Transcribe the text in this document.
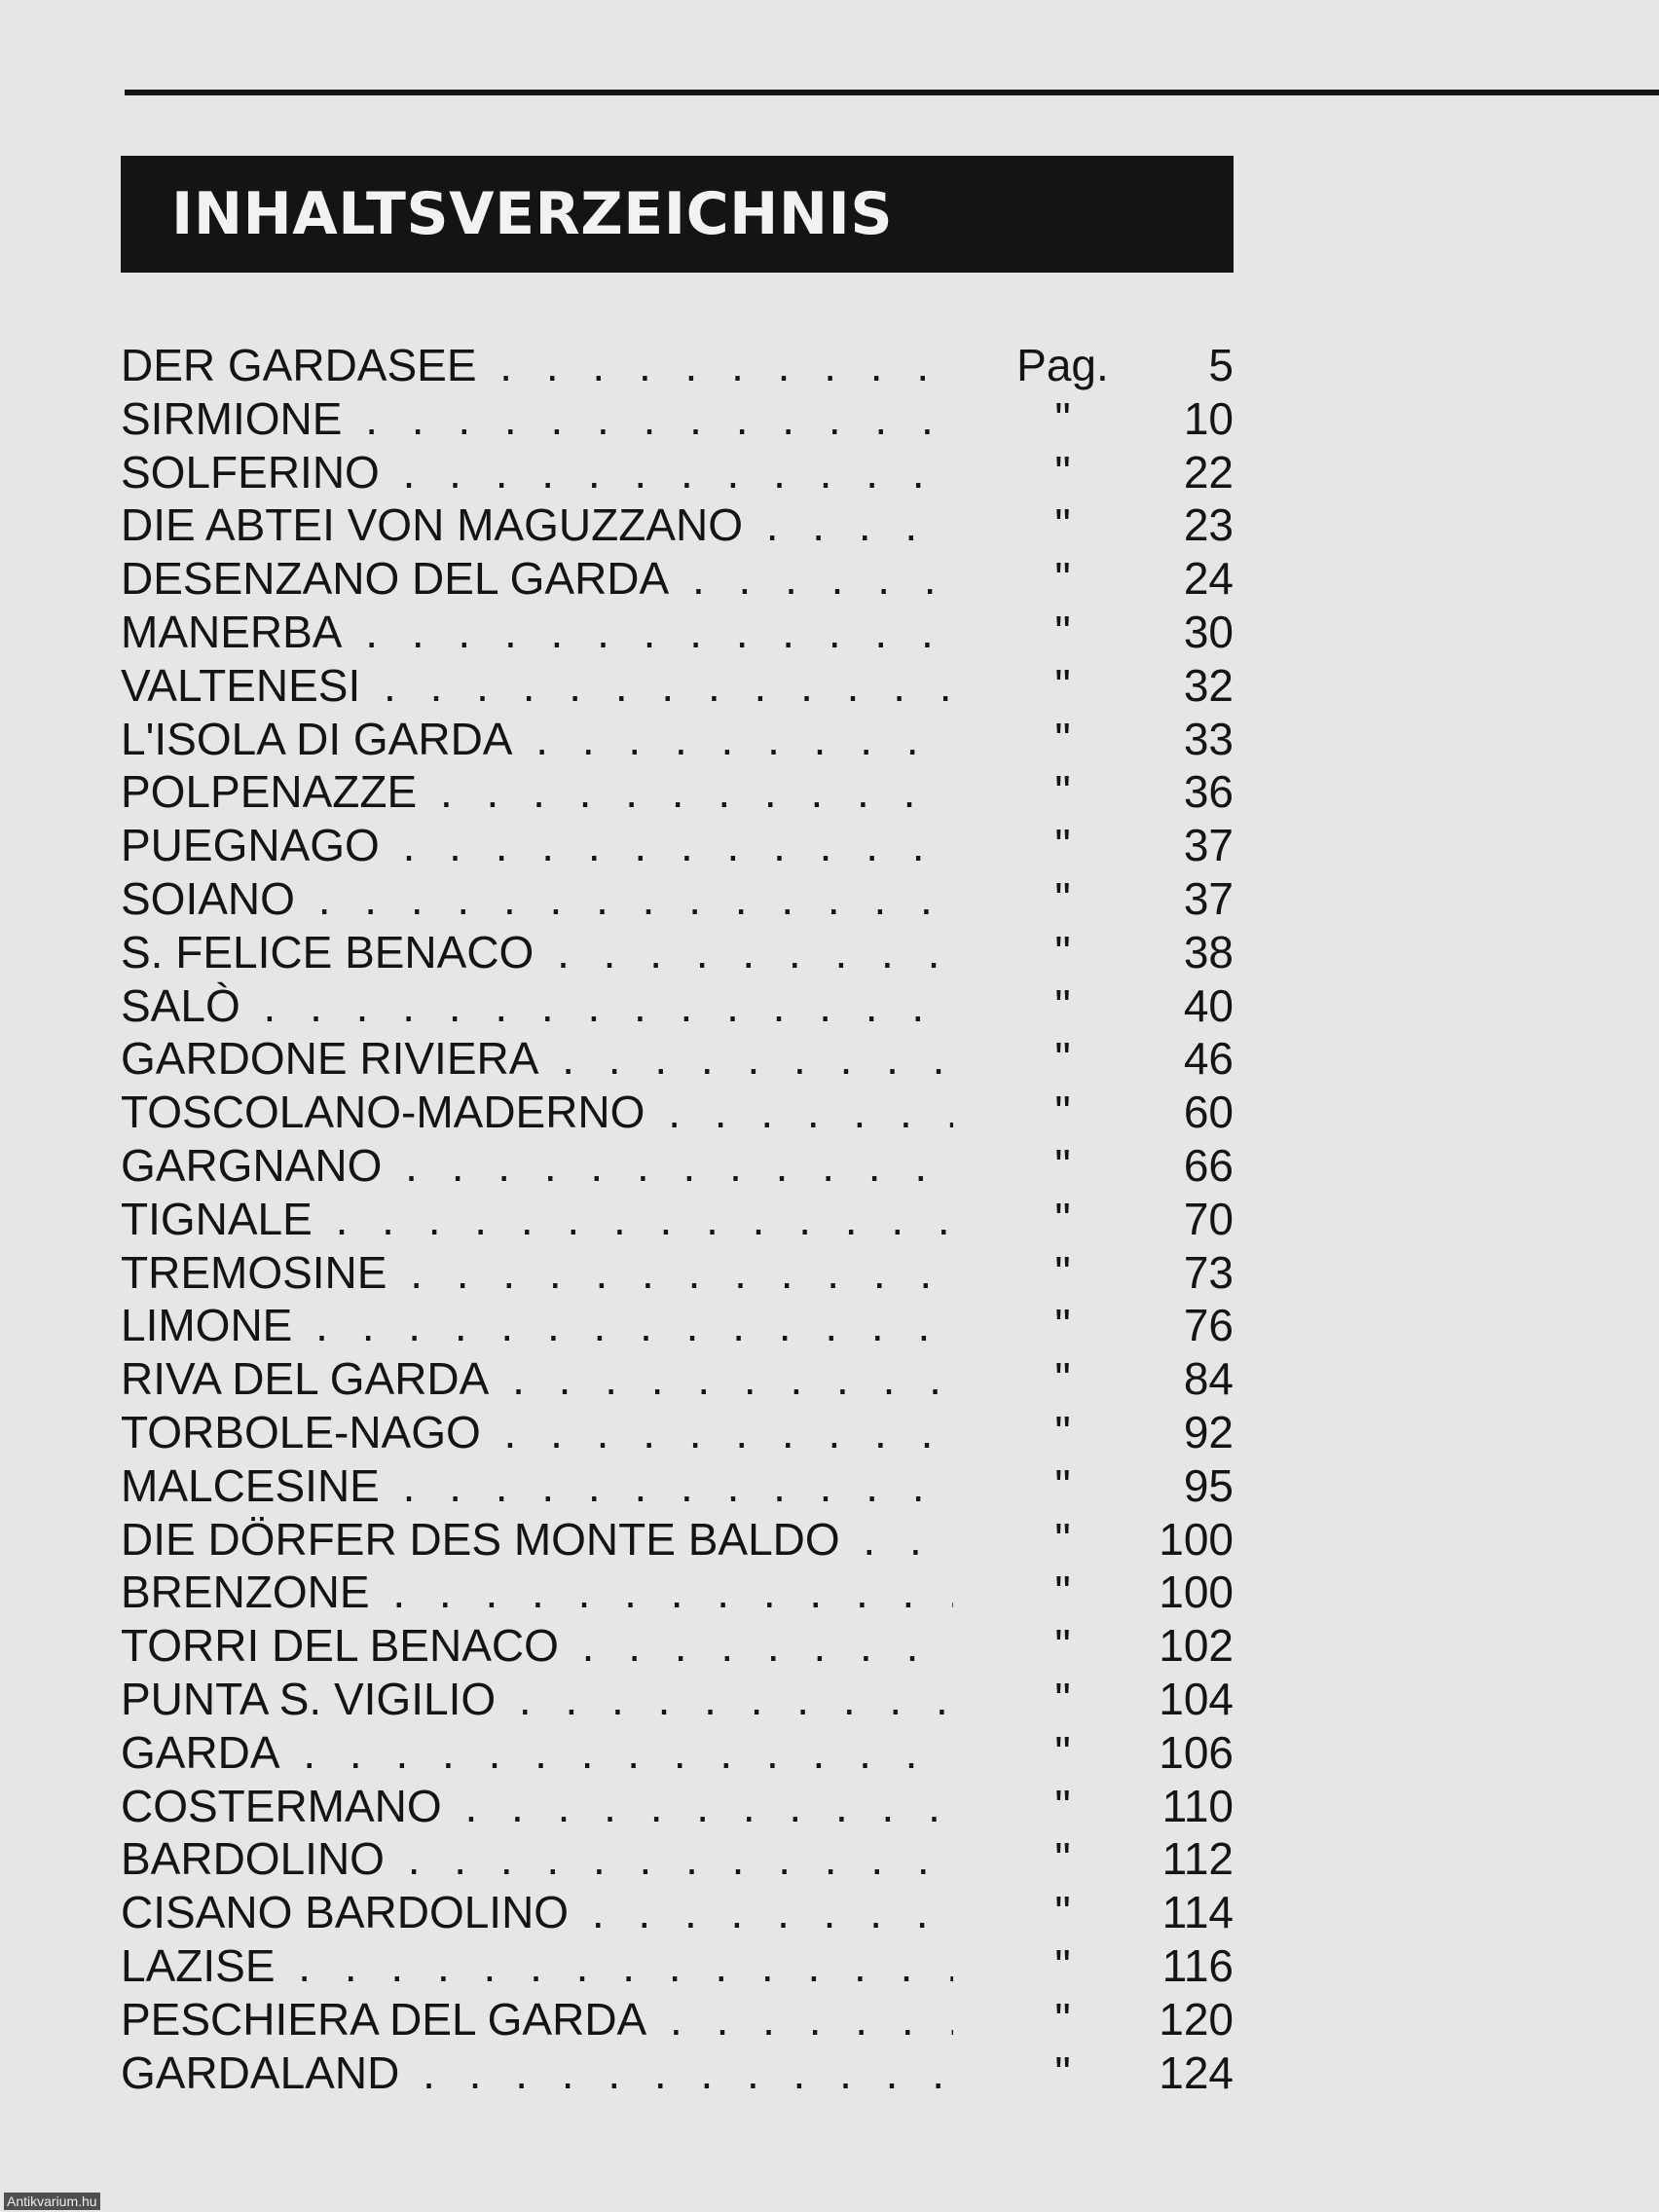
INHALTSVERZEICHNIS
DER GARDASEE . . .	Pag.	5
SIRMIONE . . .	"	10
SOLFERINO . . .	"	22
DIE ABTEI VON MAGUZZANO . . .	"	23
DESENZANO DEL GARDA . . .	"	24
MANERBA . . .	"	30
VALTENESI . . .	"	32
L'ISOLA DI GARDA . . .	"	33
POLPENAZZE . . .	"	36
PUEGNAGO . . .	"	37
SOIANO . . .	"	37
S. FELICE BENACO . . .	"	38
SALÒ . . .	"	40
GARDONE RIVIERA . . .	"	46
TOSCOLANO-MADERNO . . .	"	60
GARGNANO . . .	"	66
TIGNALE . . .	"	70
TREMOSINE . . .	"	73
LIMONE . . .	"	76
RIVA DEL GARDA . . .	"	84
TORBOLE-NAGO . . .	"	92
MALCESINE . . .	"	95
DIE DÖRFER DES MONTE BALDO . . .	"	100
BRENZONE . . .	"	100
TORRI DEL BENACO . . .	"	102
PUNTA S. VIGILIO . . .	"	104
GARDA . . .	"	106
COSTERMANO . . .	"	110
BARDOLINO . . .	"	112
CISANO BARDOLINO . . .	"	114
LAZISE . . .	"	116
PESCHIERA DEL GARDA . . .	"	120
GARDALAND . . .	"	124
Antikvarium.hu
